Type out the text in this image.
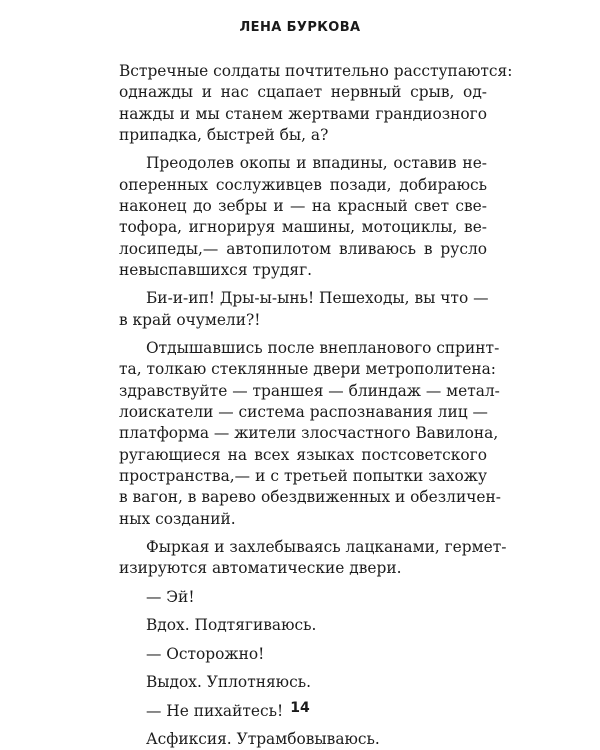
ЛЕНА БУРКОВА
Встречные солдаты почтительно расступаются:
однажды и нас сцапает нервный срыв, од-
нажды и мы станем жертвами грандиозного
припадка, быстрей бы, а?
Преодолев окопы и впадины, оставив не-
оперенных сослуживцев позади, добираюсь
наконец до зебры и — на красный свет све-
тофора, игнорируя машины, мотоциклы, ве-
лосипеды,— автопилотом вливаюсь в русло
невыспавшихся трудяг.
Би-и-ип! Дры-ы-ынь! Пешеходы, вы что —
в край очумели?!
Отдышавшись после внепланового спринт-
та, толкаю стеклянные двери метрополитена:
здравствуйте — траншея — блиндаж — метал-
лоискатели — система распознавания лиц —
платформа — жители злосчастного Вавилона,
ругающиеся на всех языках постсоветского
пространства,— и с третьей попытки захожу
в вагон, в варево обездвиженных и обезличен-
ных созданий.
Фыркая и захлебываясь лацканами, гермет-
изируются автоматические двери.
— Эй!
Вдох. Подтягиваюсь.
— Осторожно!
Выдох. Уплотняюсь.
— Не пихайтесь!
Асфиксия. Утрамбовываюсь.
14
